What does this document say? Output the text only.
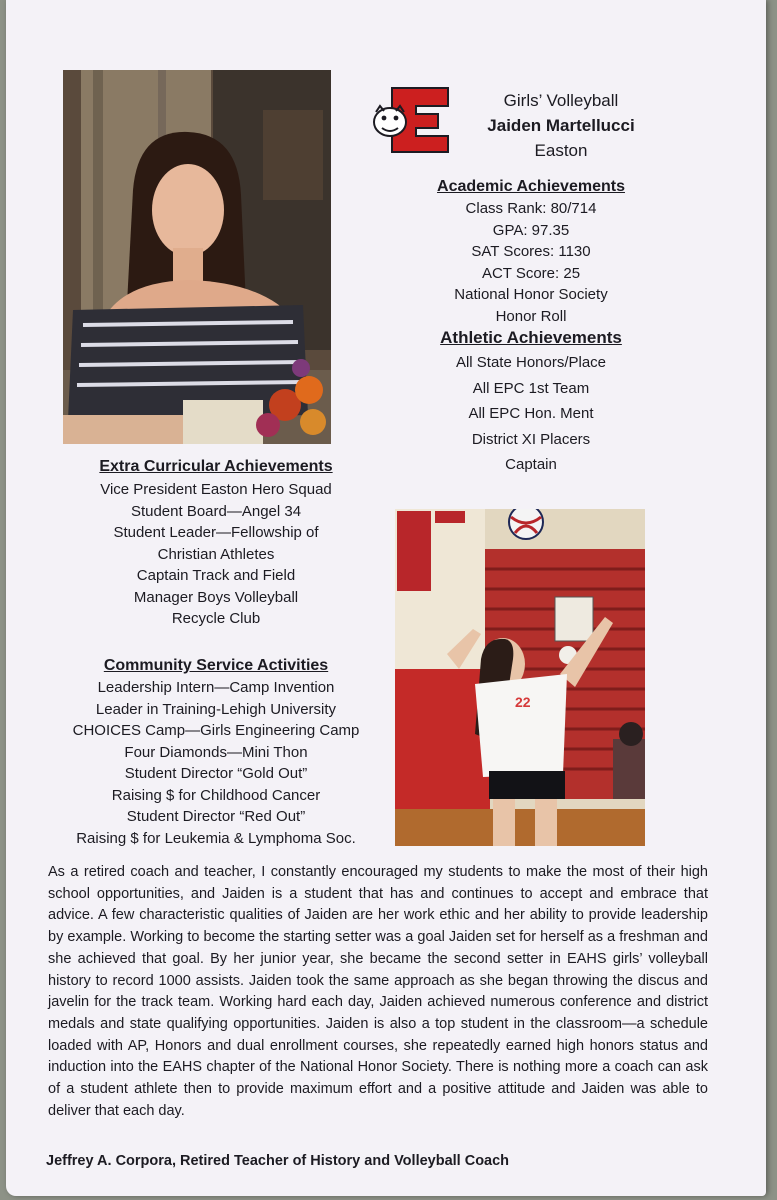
Girls’ Volleyball
Jaiden Martellucci
Easton
Academic Achievements
Class Rank: 80/714
GPA: 97.35
SAT Scores: 1130
ACT Score: 25
National Honor Society
Honor Roll
Athletic Achievements
All State Honors/Place
All EPC 1st Team
All EPC Hon. Ment
District XI Placers
Captain
Extra Curricular Achievements
Vice President Easton Hero Squad
Student Board—Angel 34
Student Leader—Fellowship of
Christian Athletes
Captain Track and Field
Manager Boys Volleyball
Recycle Club
22
Community Service Activities
Leadership Intern—Camp Invention
Leader in Training-Lehigh University
CHOICES Camp—Girls Engineering Camp
Four Diamonds—Mini Thon
Student Director “Gold Out”
Raising $ for Childhood Cancer
Student Director “Red Out”
Raising $ for Leukemia & Lymphoma Soc.
As a retired coach and teacher, I constantly encouraged my students to make the most of their high school opportunities, and Jaiden is a student that has and continues to accept and embrace that advice. A few characteristic qualities of Jaiden are her work ethic and her ability to provide leadership by example. Working to become the starting setter was a goal Jaiden set for herself as a freshman and she achieved that goal. By her junior year, she became the second setter in EAHS girls’ volleyball history to record 1000 assists. Jaiden took the same approach as she began throwing the discus and javelin for the track team. Working hard each day, Jaiden achieved numerous conference and district medals and state qualifying opportunities. Jaiden is also a top student in the classroom—a schedule loaded with AP, Honors and dual enrollment courses, she repeatedly earned high honors status and induction into the EAHS chapter of the National Honor Society. There is nothing more a coach can ask of a student athlete then to provide maximum effort and a positive attitude and Jaiden was able to deliver that each day.
Jeffrey A. Corpora, Retired Teacher of History and Volleyball Coach
